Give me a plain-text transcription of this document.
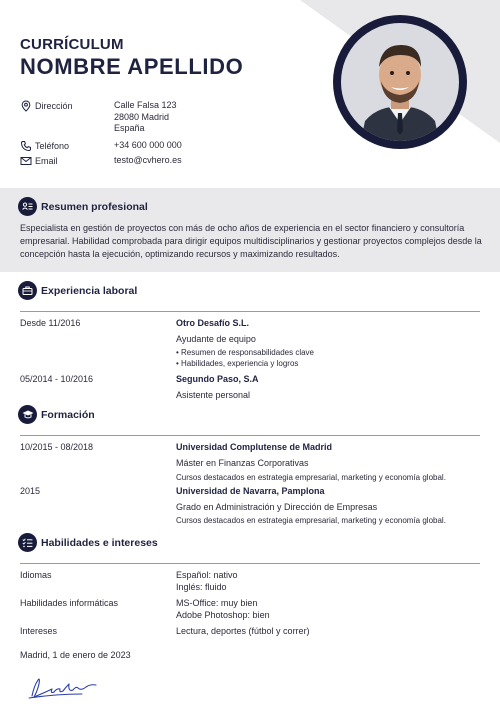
CURRÍCULUM
NOMBRE APELLIDO
Dirección	Calle Falsa 123
28080 Madrid
España
Teléfono	+34 600 000 000
Email	testo@cvhero.es
Resumen profesional

Especialista en gestión de proyectos con más de ocho años de experiencia en el sector financiero y consultoría empresarial. Habilidad comprobada para dirigir equipos multidisciplinarios y gestionar proyectos complejos desde la concepción hasta la ejecución, optimizando recursos y maximizando resultados.

Experiencia laboral
Desde 11/2016	Otro Desafío S.L.
Ayudante de equipo
• Resumen de responsabilidades clave
• Habilidades, experiencia y logros
05/2014 - 10/2016	Segundo Paso, S.A
Asistente personal
Formación
10/2015 - 08/2018	Universidad Complutense de Madrid
Máster en Finanzas Corporativas
Cursos destacados en estrategia empresarial, marketing y economía global.
2015	Universidad de Navarra, Pamplona
Grado en Administración y Dirección de Empresas
Cursos destacados en estrategia empresarial, marketing y economía global.
Habilidades e intereses
Idiomas	Español: nativo
Inglés: fluido
Habilidades informáticas	MS-Office: muy bien
Adobe Photoshop: bien
Intereses	Lectura, deportes (fútbol y correr)
Madrid, 1 de enero de 2023
